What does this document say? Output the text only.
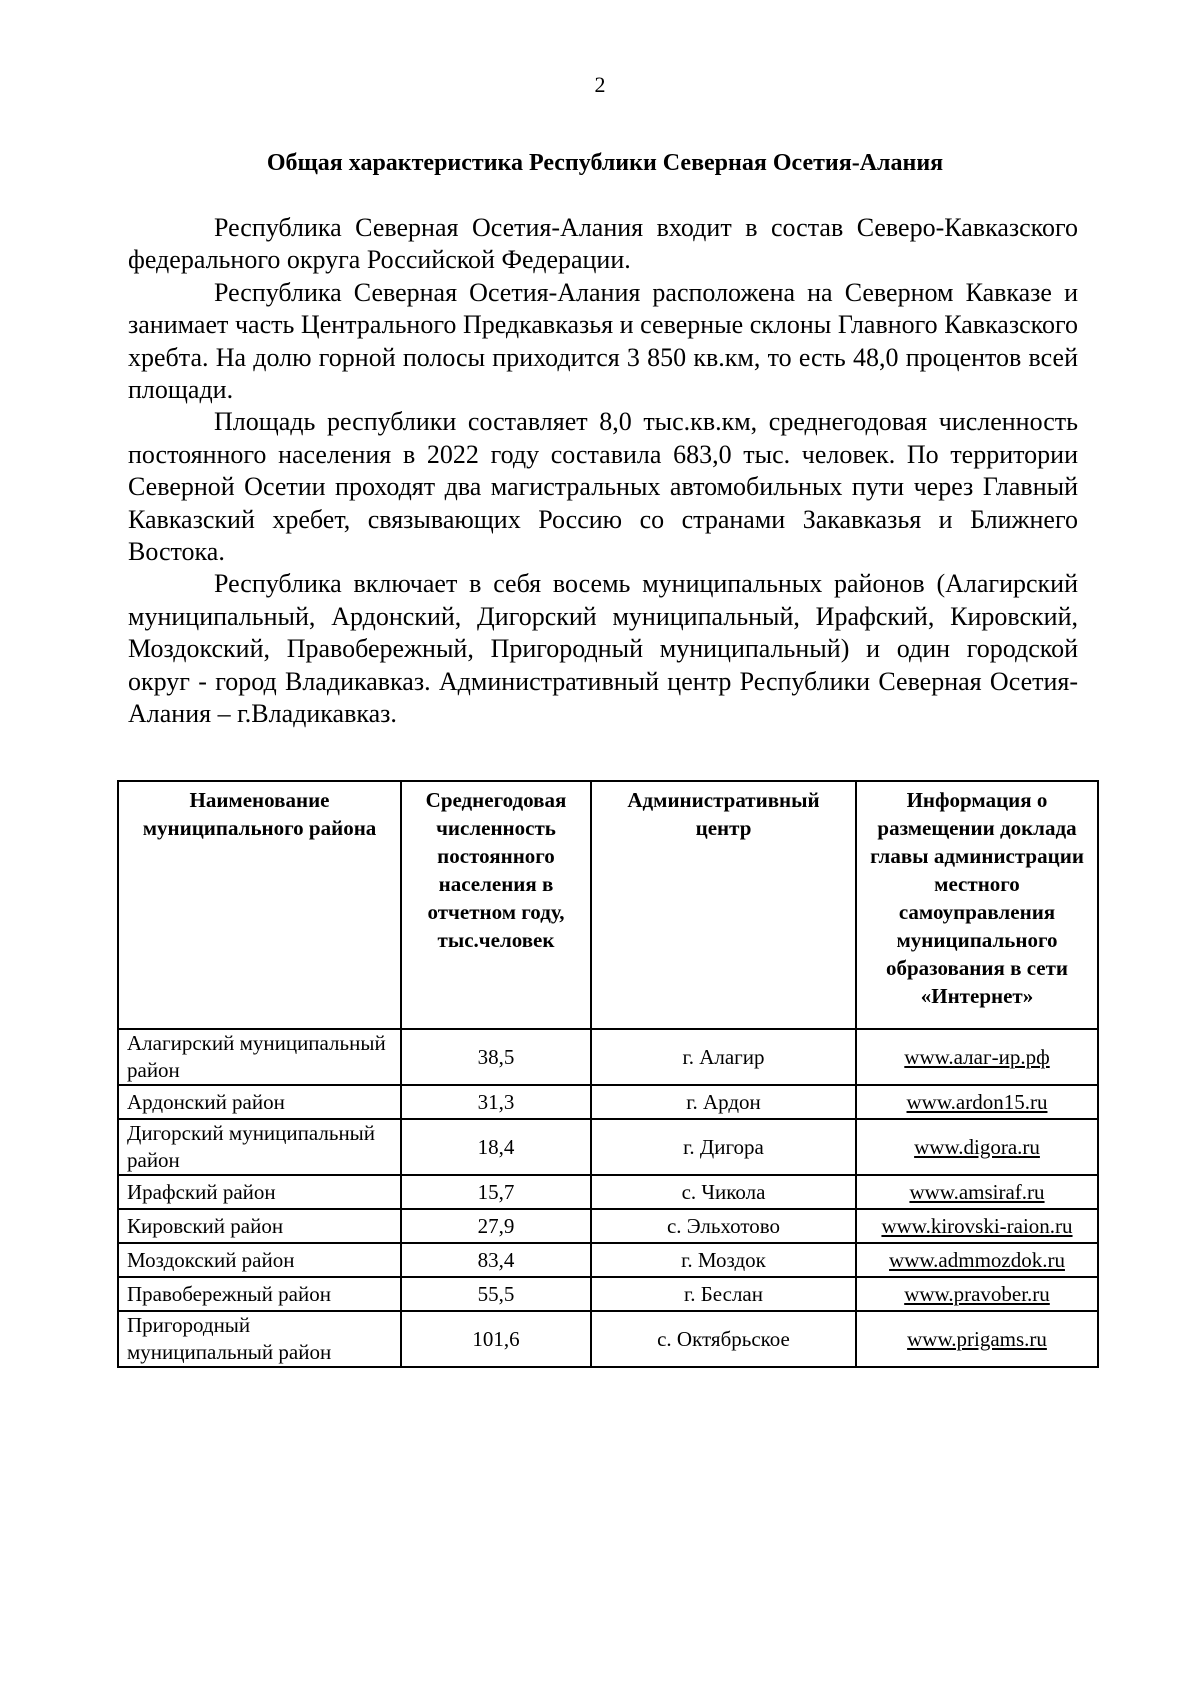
2
Общая характеристика Республики Северная Осетия-Алания

Республика Северная Осетия-Алания входит в состав Северо-Кавказского федерального округа Российской Федерации.

Республика Северная Осетия-Алания расположена на Северном Кавказе и занимает часть Центрального Предкавказья и северные склоны Главного Кавказского хребта. На долю горной полосы приходится 3 850 кв.км, то есть 48,0 процентов всей площади.

Площадь республики составляет 8,0 тыс.кв.км, среднегодовая численность постоянного населения в 2022 году составила 683,0 тыс. человек. По территории Северной Осетии проходят два магистральных автомобильных пути через Главный Кавказский хребет, связывающих Россию со странами Закавказья и Ближнего Востока.

Республика включает в себя восемь муниципальных районов (Алагирский муниципальный, Ардонский, Дигорский муниципальный, Ирафский, Кировский, Моздокский, Правобережный, Пригородный муниципальный) и один городской округ - город Владикавказ. Административный центр Республики Северная Осетия-Алания – г.Владикавказ.

Наименование муниципального района	Среднегодовая численность постоянного населения в отчетном году, тыс.человек	Административный центр	Информация о размещении доклада главы администрации местного самоуправления муниципального образования в сети «Интернет»
Алагирский муниципальный район	38,5	г. Алагир	www.алаг-ир.рф
Ардонский район	31,3	г. Ардон	www.ardon15.ru
Дигорский муниципальный район	18,4	г. Дигора	www.digora.ru
Ирафский район	15,7	с. Чикола	www.amsiraf.ru
Кировский район	27,9	с. Эльхотово	www.kirovski-raion.ru
Моздокский район	83,4	г. Моздок	www.admmozdok.ru
Правобережный район	55,5	г. Беслан	www.pravober.ru
Пригородный муниципальный район	101,6	с. Октябрьское	www.prigams.ru
